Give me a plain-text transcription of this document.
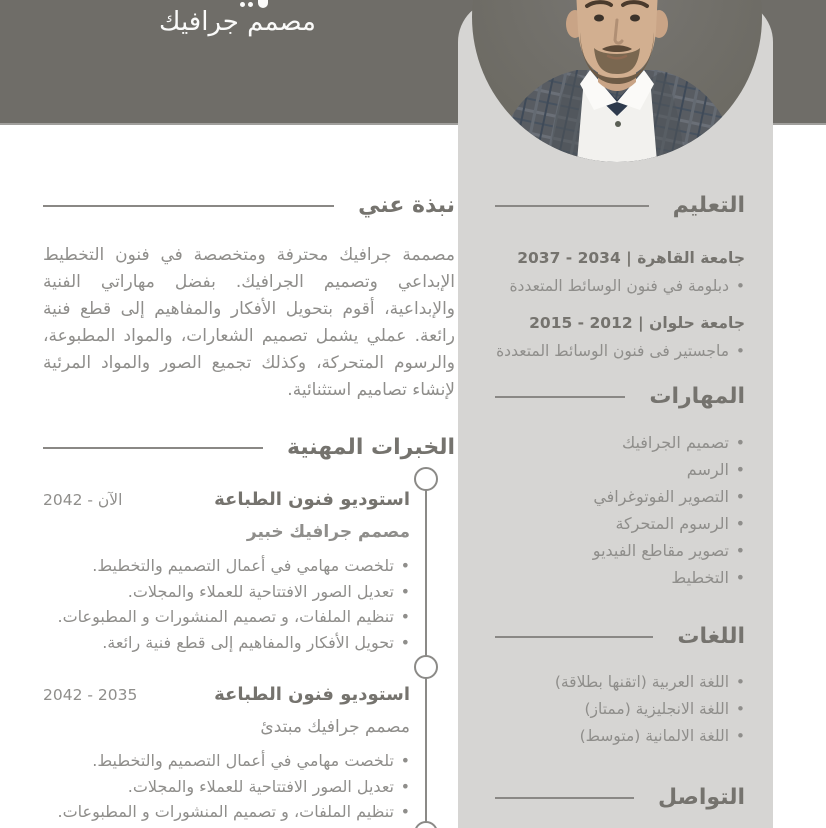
مصمم جرافيك
نبذة عني

مصممة جرافيك محترفة ومتخصصة في فنون التخطيط الإبداعي وتصميم الجرافيك. بفضل مهاراتي الفنية والإبداعية، أقوم بتحويل الأفكار والمفاهيم إلى قطع فنية رائعة. عملي يشمل تصميم الشعارات، والمواد المطبوعة، والرسوم المتحركة، وكذلك تجميع الصور والمواد المرئية لإنشاء تصاميم استثنائية.

الخبرات المهنية
استوديو فنون الطباعة
الآن - 2042
مصمم جرافيك خبير
• تلخصت مهامي في أعمال التصميم والتخطيط.
• تعديل الصور الافتتاحية للعملاء والمجلات.
• تنظيم الملفات، و تصميم المنشورات و المطبوعات.
• تحويل الأفكار والمفاهيم إلى قطع فنية رائعة.
استوديو فنون الطباعة
2035 - 2042
مصمم جرافيك مبتدئ
• تلخصت مهامي في أعمال التصميم والتخطيط.
• تعديل الصور الافتتاحية للعملاء والمجلات.
• تنظيم الملفات، و تصميم المنشورات و المطبوعات.
التعليم
جامعة القاهرة | 2034 - 2037
• دبلومة في فنون الوسائط المتعددة
جامعة حلوان | 2012 - 2015
• ماجستير فى فنون الوسائط المتعددة
المهارات
• تصميم الجرافيك
• الرسم
• التصوير الفوتوغرافي
• الرسوم المتحركة
• تصوير مقاطع الفيديو
• التخطيط
اللغات
• اللغة العربية (اتقنها بطلاقة)
• اللغة الانجليزية (ممتاز)
• اللغة الالمانية (متوسط)
التواصل
